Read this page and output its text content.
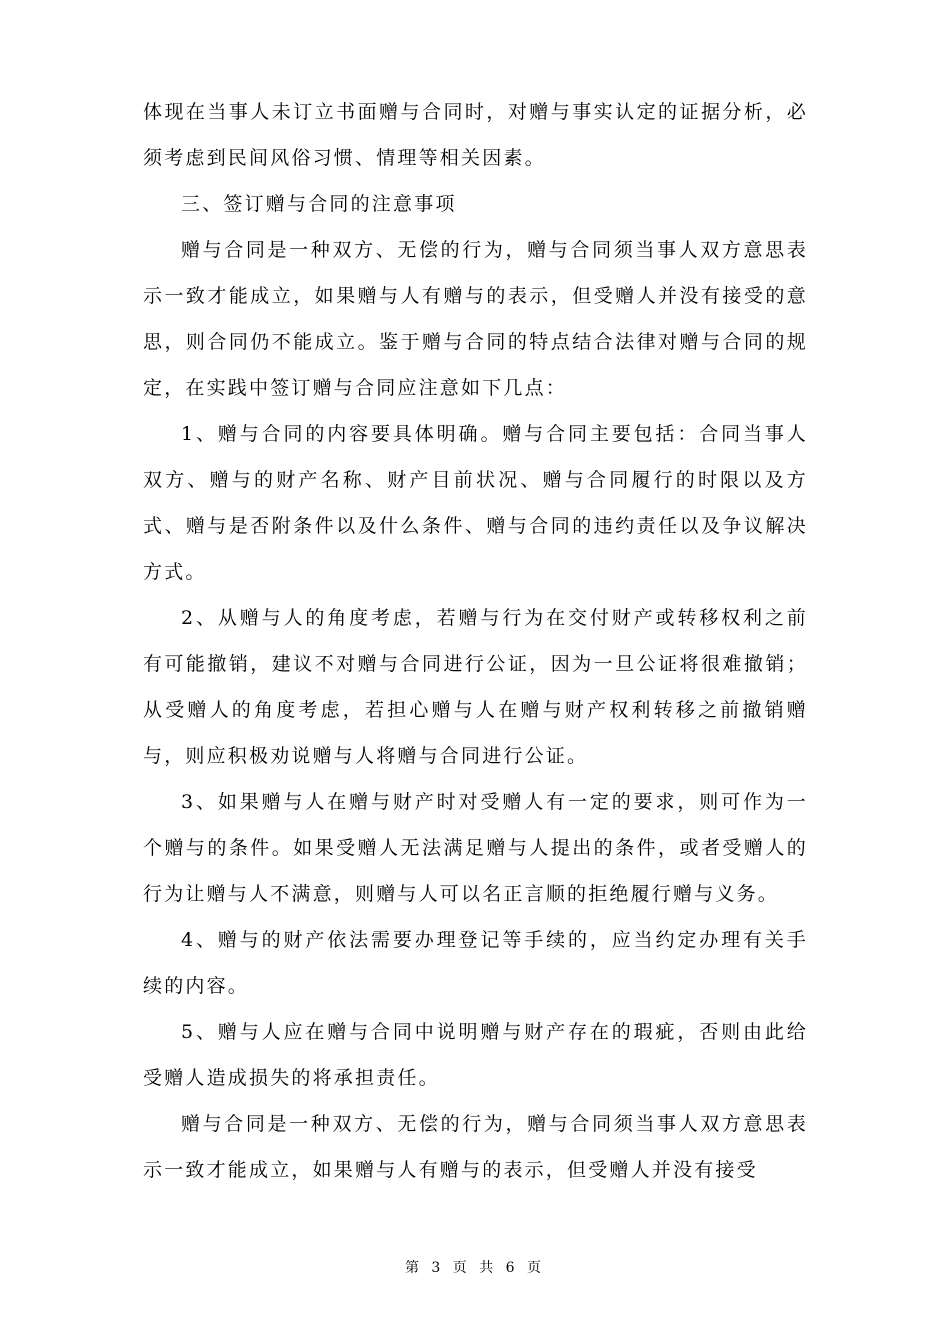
体现在当事人未订立书面赠与合同时，对赠与事实认定的证据分析，必须考虑到民间风俗习惯、情理等相关因素。

三、签订赠与合同的注意事项

赠与合同是一种双方、无偿的行为，赠与合同须当事人双方意思表示一致才能成立，如果赠与人有赠与的表示，但受赠人并没有接受的意思，则合同仍不能成立。鉴于赠与合同的特点结合法律对赠与合同的规定，在实践中签订赠与合同应注意如下几点：

1、赠与合同的内容要具体明确。赠与合同主要包括：合同当事人双方、赠与的财产名称、财产目前状况、赠与合同履行的时限以及方式、赠与是否附条件以及什么条件、赠与合同的违约责任以及争议解决方式。

2、从赠与人的角度考虑，若赠与行为在交付财产或转移权利之前有可能撤销，建议不对赠与合同进行公证，因为一旦公证将很难撤销；从受赠人的角度考虑，若担心赠与人在赠与财产权利转移之前撤销赠与，则应积极劝说赠与人将赠与合同进行公证。

3、如果赠与人在赠与财产时对受赠人有一定的要求，则可作为一个赠与的条件。如果受赠人无法满足赠与人提出的条件，或者受赠人的行为让赠与人不满意，则赠与人可以名正言顺的拒绝履行赠与义务。

4、赠与的财产依法需要办理登记等手续的，应当约定办理有关手续的内容。

5、赠与人应在赠与合同中说明赠与财产存在的瑕疵，否则由此给受赠人造成损失的将承担责任。

赠与合同是一种双方、无偿的行为，赠与合同须当事人双方意思表示一致才能成立，如果赠与人有赠与的表示，但受赠人并没有接受

第 3 页 共 6 页
